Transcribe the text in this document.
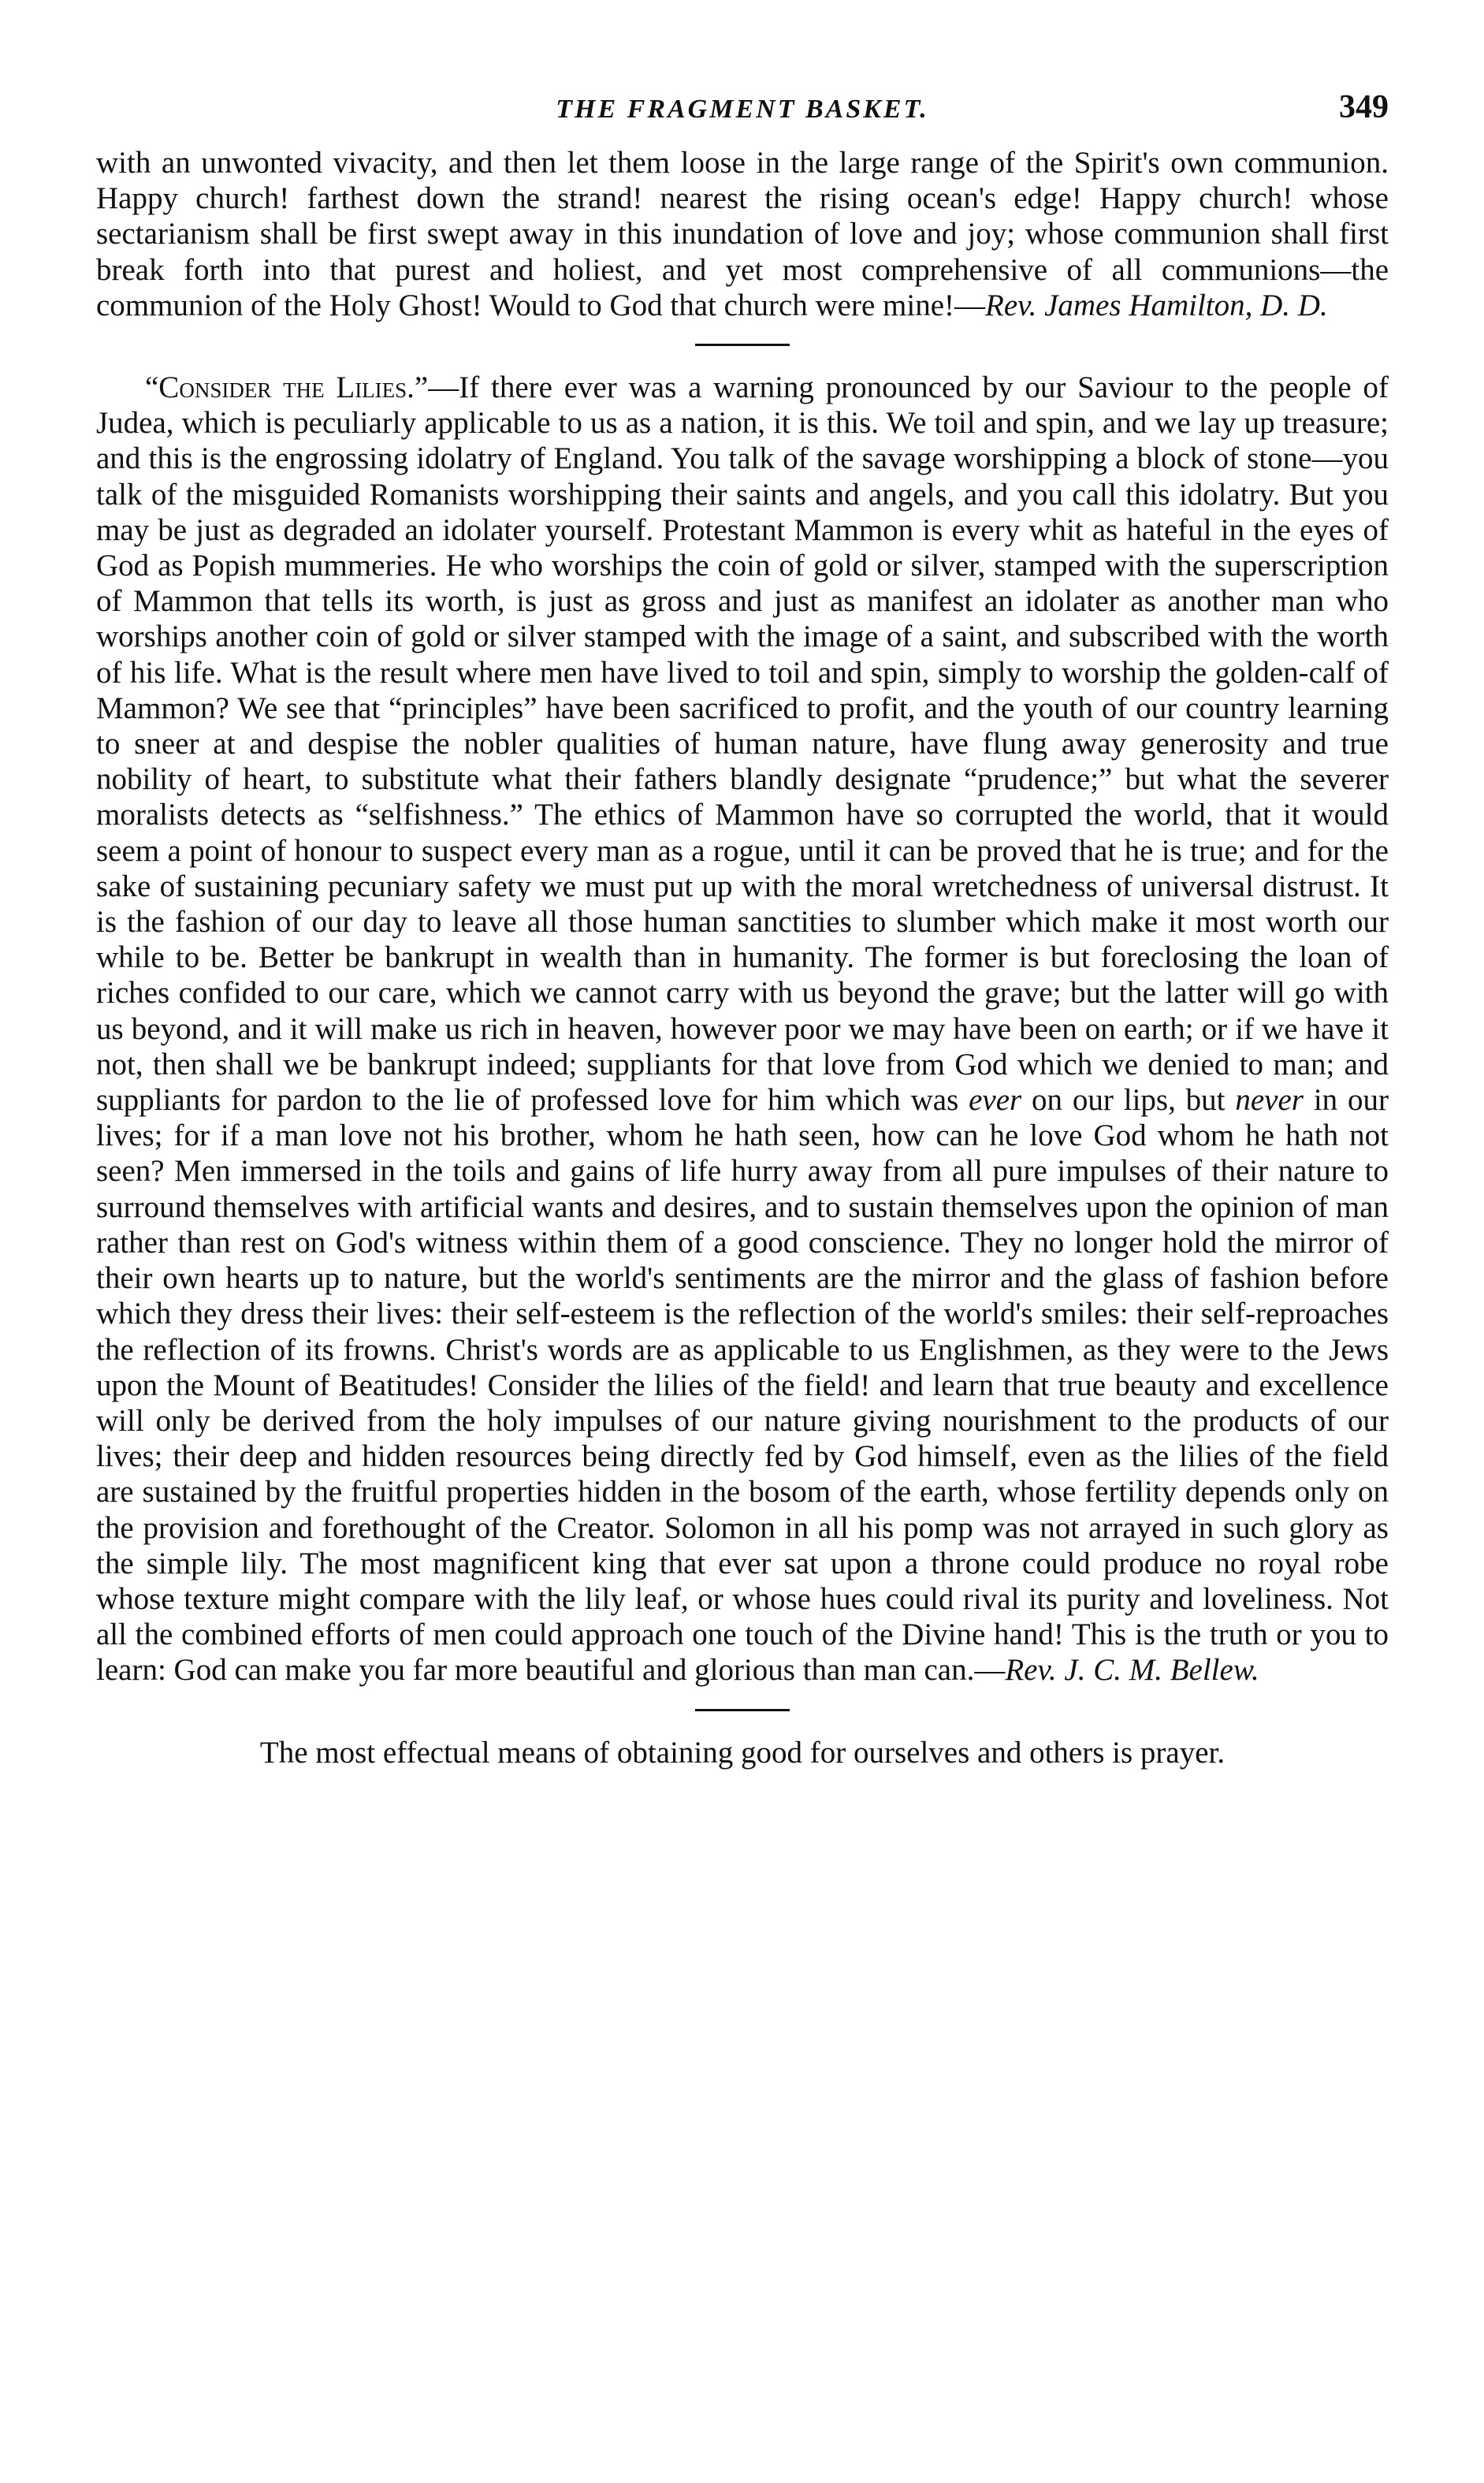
THE FRAGMENT BASKET.	349

with an unwonted vivacity, and then let them loose in the large range of the Spirit's own communion. Happy church! farthest down the strand! nearest the rising ocean's edge! Happy church! whose sectarianism shall be first swept away in this inundation of love and joy; whose communion shall first break forth into that purest and holiest, and yet most comprehensive of all communions—the communion of the Holy Ghost! Would to God that church were mine!—Rev. James Hamilton, D. D.

“Consider the Lilies.”—If there ever was a warning pronounced by our Saviour to the people of Judea, which is peculiarly applicable to us as a nation, it is this. We toil and spin, and we lay up treasure; and this is the engrossing idolatry of England. You talk of the savage worshipping a block of stone—you talk of the misguided Romanists worshipping their saints and angels, and you call this idolatry. But you may be just as degraded an idolater yourself. Protestant Mammon is every whit as hateful in the eyes of God as Popish mummeries. He who worships the coin of gold or silver, stamped with the superscription of Mammon that tells its worth, is just as gross and just as manifest an idolater as another man who worships another coin of gold or silver stamped with the image of a saint, and subscribed with the worth of his life. What is the result where men have lived to toil and spin, simply to worship the golden-calf of Mammon? We see that “principles” have been sacrificed to profit, and the youth of our country learning to sneer at and despise the nobler qualities of human nature, have flung away generosity and true nobility of heart, to substitute what their fathers blandly designate “prudence;” but what the severer moralists detects as “selfishness.” The ethics of Mammon have so corrupted the world, that it would seem a point of honour to suspect every man as a rogue, until it can be proved that he is true; and for the sake of sustaining pecuniary safety we must put up with the moral wretchedness of universal distrust. It is the fashion of our day to leave all those human sanctities to slumber which make it most worth our while to be. Better be bankrupt in wealth than in humanity. The former is but foreclosing the loan of riches confided to our care, which we cannot carry with us beyond the grave; but the latter will go with us beyond, and it will make us rich in heaven, however poor we may have been on earth; or if we have it not, then shall we be bankrupt indeed; suppliants for that love from God which we denied to man; and suppliants for pardon to the lie of professed love for him which was ever on our lips, but never in our lives; for if a man love not his brother, whom he hath seen, how can he love God whom he hath not seen? Men immersed in the toils and gains of life hurry away from all pure impulses of their nature to surround themselves with artificial wants and desires, and to sustain themselves upon the opinion of man rather than rest on God's witness within them of a good conscience. They no longer hold the mirror of their own hearts up to nature, but the world's sentiments are the mirror and the glass of fashion before which they dress their lives: their self-esteem is the reflection of the world's smiles: their self-reproaches the reflection of its frowns. Christ's words are as applicable to us Englishmen, as they were to the Jews upon the Mount of Beatitudes! Consider the lilies of the field! and learn that true beauty and excellence will only be derived from the holy impulses of our nature giving nourishment to the products of our lives; their deep and hidden resources being directly fed by God himself, even as the lilies of the field are sustained by the fruitful properties hidden in the bosom of the earth, whose fertility depends only on the provision and forethought of the Creator. Solomon in all his pomp was not arrayed in such glory as the simple lily. The most magnificent king that ever sat upon a throne could produce no royal robe whose texture might compare with the lily leaf, or whose hues could rival its purity and loveliness. Not all the combined efforts of men could approach one touch of the Divine hand! This is the truth or you to learn: God can make you far more beautiful and glorious than man can.—Rev. J. C. M. Bellew.

The most effectual means of obtaining good for ourselves and others is prayer.
